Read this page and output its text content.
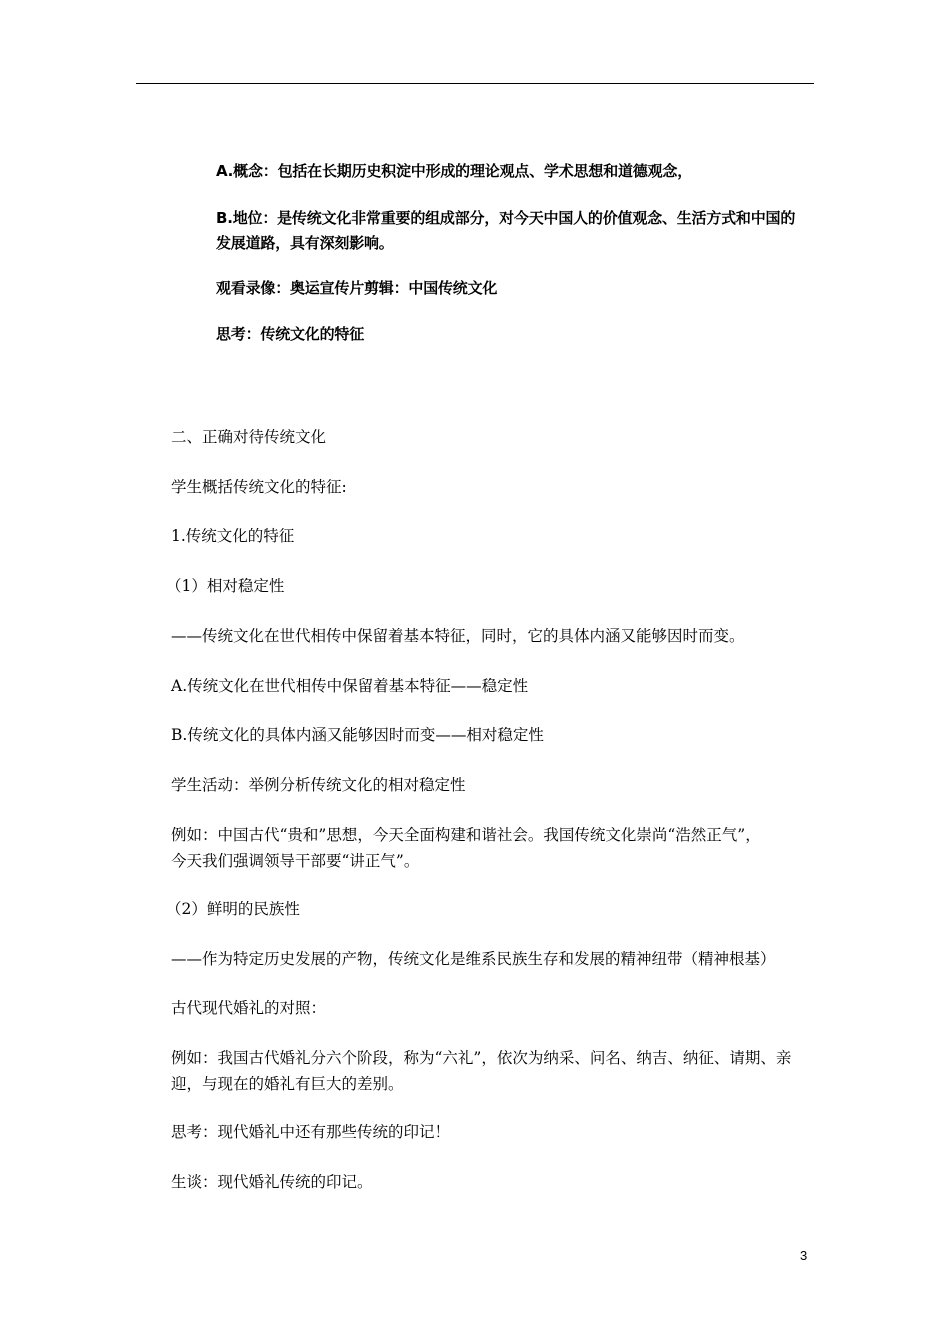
A.概念：包括在长期历史积淀中形成的理论观点、学术思想和道德观念，
B.地位：是传统文化非常重要的组成部分，对今天中国人的价值观念、生活方式和中国的
发展道路，具有深刻影响。
观看录像：奥运宣传片剪辑：中国传统文化
思考：传统文化的特征
二、正确对待传统文化
学生概括传统文化的特征:
1.传统文化的特征
（1）相对稳定性
——传统文化在世代相传中保留着基本特征，同时，它的具体内涵又能够因时而变。
A.传统文化在世代相传中保留着基本特征——稳定性
B.传统文化的具体内涵又能够因时而变——相对稳定性
学生活动：举例分析传统文化的相对稳定性
例如：中国古代“贵和”思想，今天全面构建和谐社会。我国传统文化崇尚“浩然正气”，
今天我们强调领导干部要“讲正气”。
（2）鲜明的民族性
——作为特定历史发展的产物，传统文化是维系民族生存和发展的精神纽带（精神根基）
古代现代婚礼的对照：
例如：我国古代婚礼分六个阶段，称为“六礼”，依次为纳采、问名、纳吉、纳征、请期、亲
迎，与现在的婚礼有巨大的差别。
思考：现代婚礼中还有那些传统的印记！
生谈：现代婚礼传统的印记。
3
